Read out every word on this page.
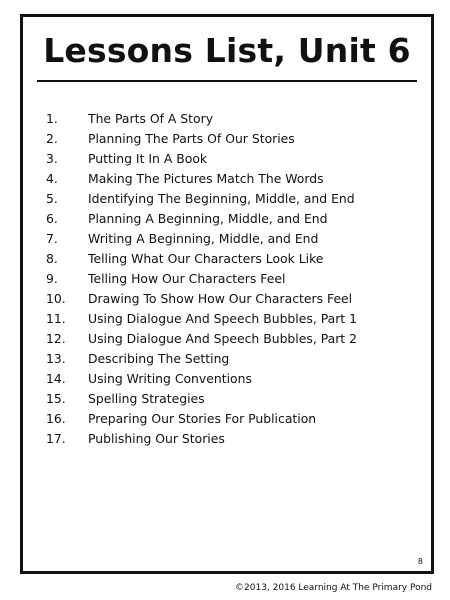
Lessons List, Unit 6
1.	The Parts Of A Story
2.	Planning The Parts Of Our Stories
3.	Putting It In A Book
4.	Making The Pictures Match The Words
5.	Identifying The Beginning, Middle, and End
6.	Planning A Beginning, Middle, and End
7.	Writing A Beginning, Middle, and End
8.	Telling What Our Characters Look Like
9.	Telling How Our Characters Feel
10.	Drawing To Show How Our Characters Feel
11.	Using Dialogue And Speech Bubbles, Part 1
12.	Using Dialogue And Speech Bubbles, Part 2
13.	Describing The Setting
14.	Using Writing Conventions
15.	Spelling Strategies
16.	Preparing Our Stories For Publication
17.	Publishing Our Stories
8
©2013, 2016 Learning At The Primary Pond
